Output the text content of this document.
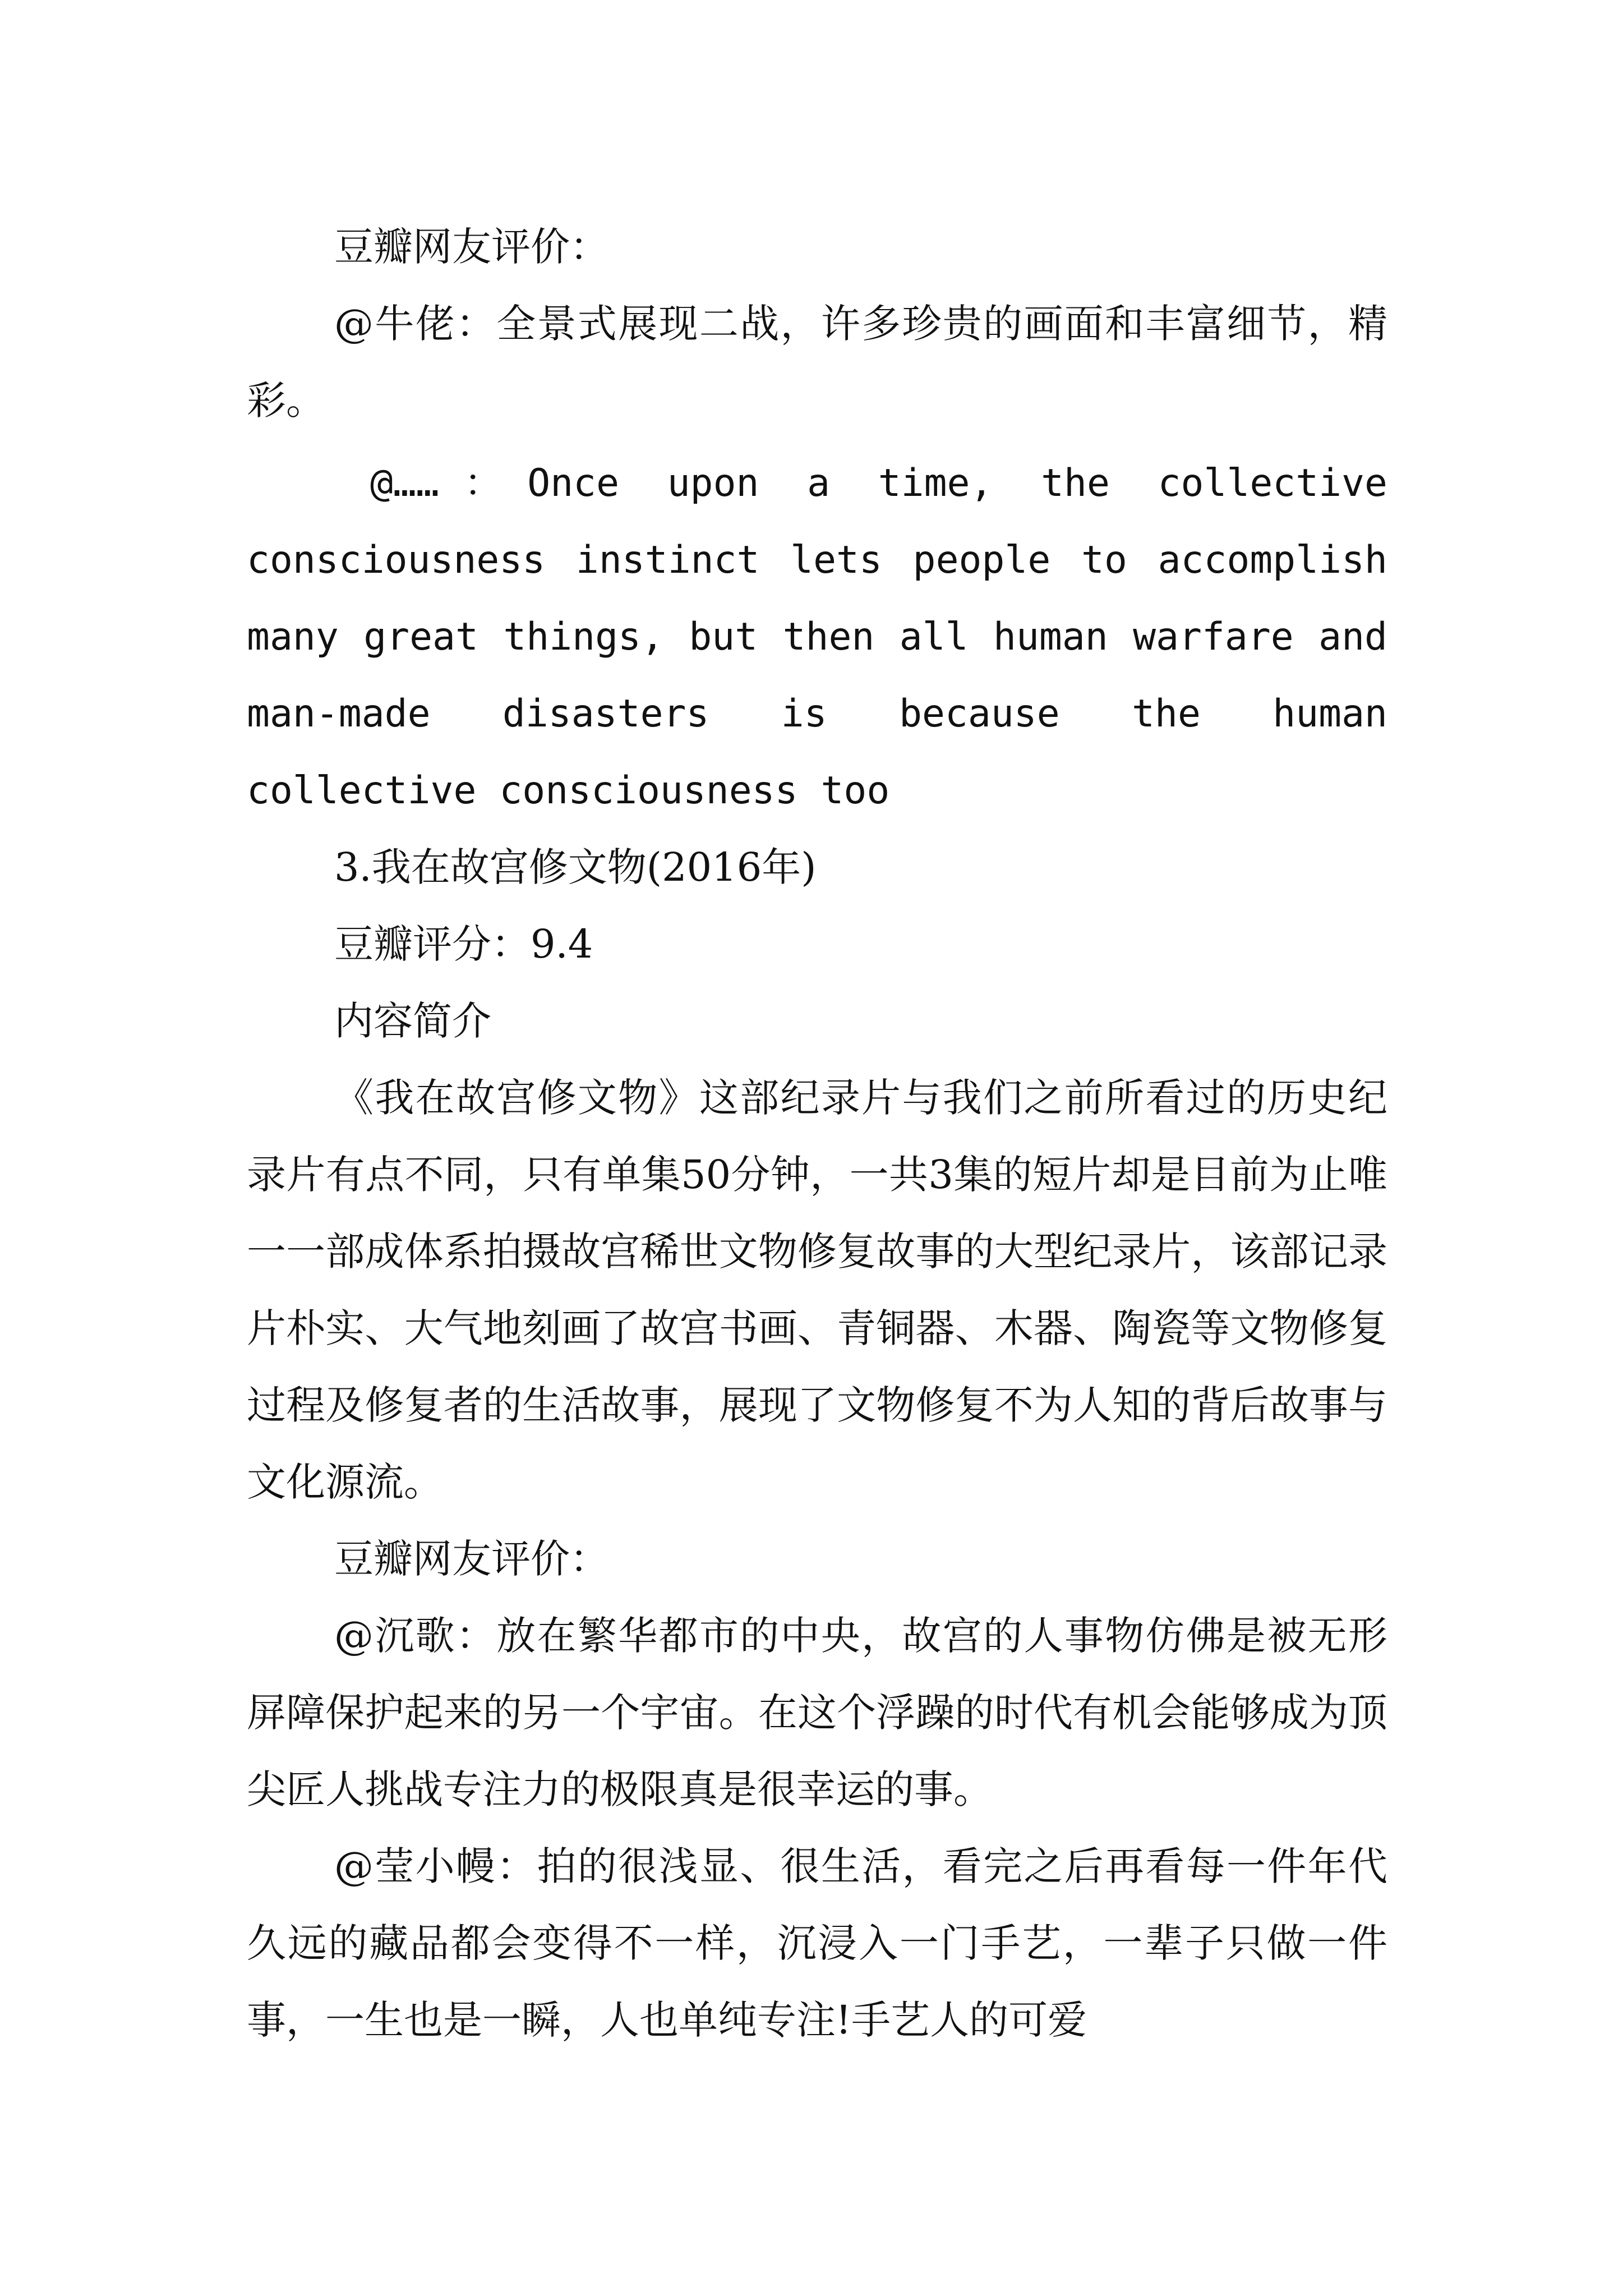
豆瓣网友评价：

@牛佬：全景式展现二战，许多珍贵的画面和丰富细节，精彩。

@……：Once upon a time, the collective consciousness instinct lets people to accomplish many great things, but then all human warfare and man-made disasters is because the human collective consciousness too

3.我在故宫修文物(2016年)

豆瓣评分：9.4

内容简介

《我在故宫修文物》这部纪录片与我们之前所看过的历史纪录片有点不同，只有单集50分钟，一共3集的短片却是目前为止唯一一部成体系拍摄故宫稀世文物修复故事的大型纪录片，该部记录片朴实、大气地刻画了故宫书画、青铜器、木器、陶瓷等文物修复过程及修复者的生活故事，展现了文物修复不为人知的背后故事与文化源流。

豆瓣网友评价：

@沉歌：放在繁华都市的中央，故宫的人事物仿佛是被无形屏障保护起来的另一个宇宙。在这个浮躁的时代有机会能够成为顶尖匠人挑战专注力的极限真是很幸运的事。

@莹小幔：拍的很浅显、很生活，看完之后再看每一件年代久远的藏品都会变得不一样，沉浸入一门手艺，一辈子只做一件事，一生也是一瞬，人也单纯专注!手艺人的可爱
